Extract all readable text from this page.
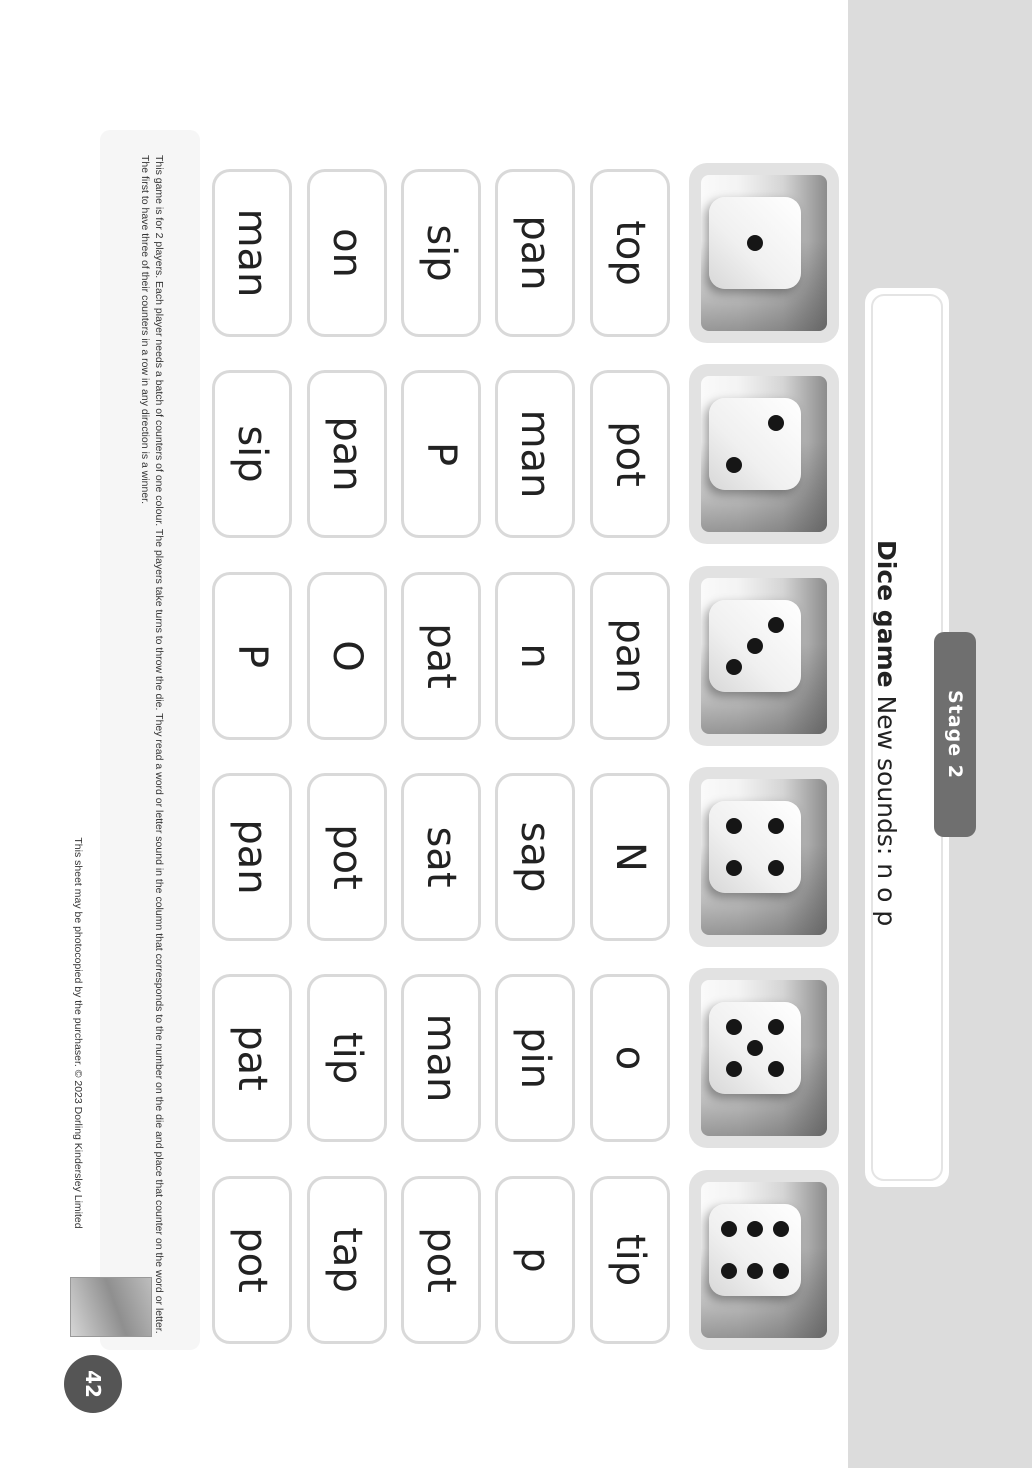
Stage 2
Dice game New sounds: n o p
This game is for 2 players. Each player needs a batch of counters of one colour. The players take turns to throw the die. They read a word or letter sound in the column that corresponds to the number on the die and place that counter on the word or letter. The first to have three of their counters in a row in any direction is a winner.
This sheet may be photocopied by the purchaser. © 2023 Dorling Kindersley Limited
42
top
pot
pan
N
o
tip
pan
man
n
sap
pin
p
sip
P
pat
sat
man
pot
on
pan
O
pot
tip
tap
man
sip
P
pan
pat
pot
